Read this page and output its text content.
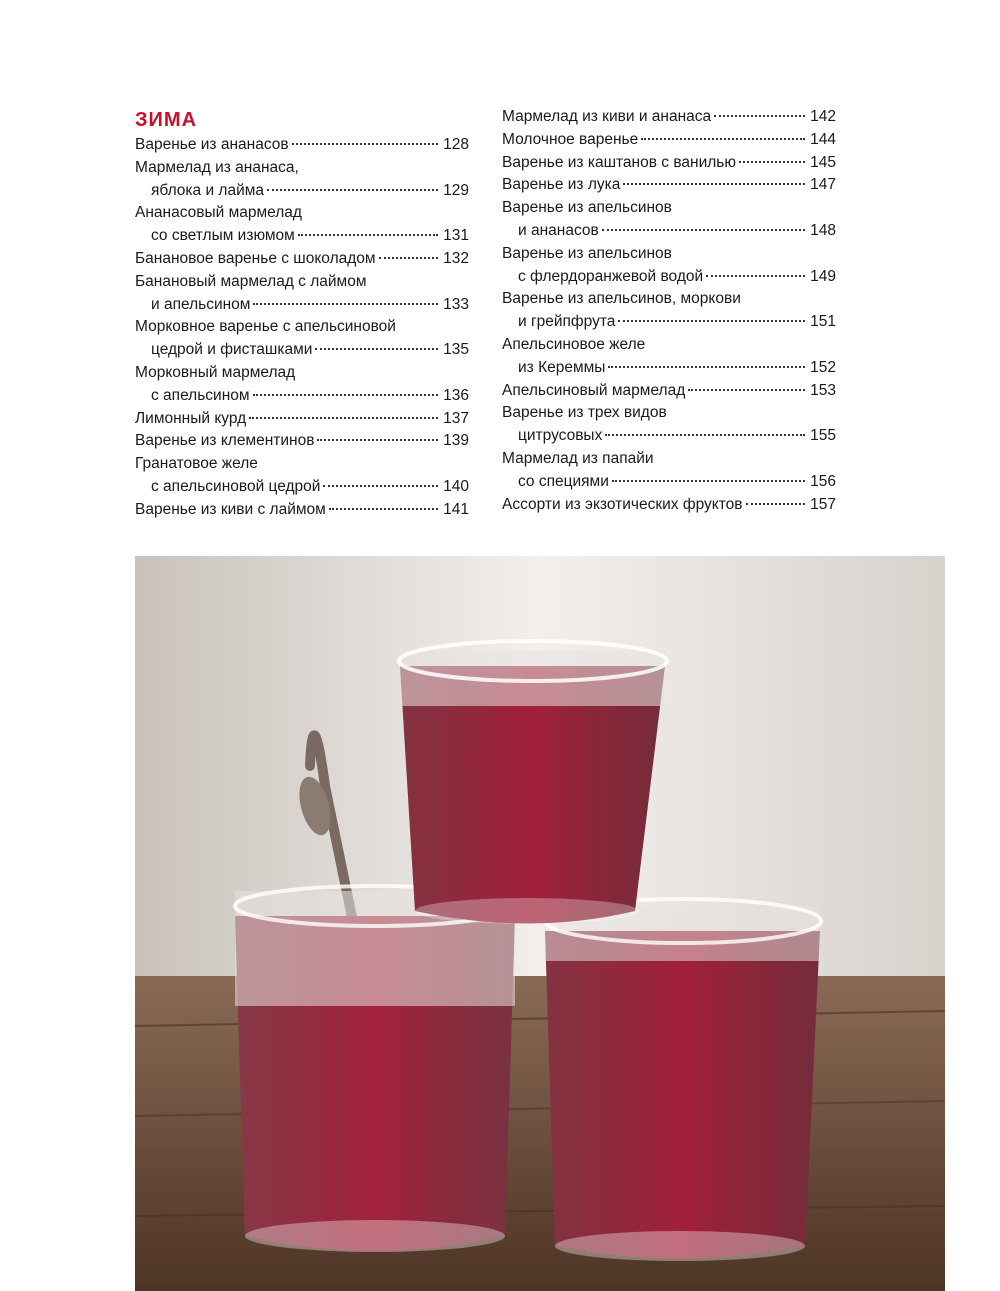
ЗИМА
Варенье из ананасов	128
Мармелад из ананаса,
яблока и лайма	129
Ананасовый мармелад
со светлым изюмом	131
Банановое варенье с шоколадом	132
Банановый мармелад с лаймом
и апельсином	133
Морковное варенье с апельсиновой
цедрой и фисташками	135
Морковный мармелад
с апельсином	136
Лимонный курд	137
Варенье из клементинов	139
Гранатовое желе
с апельсиновой цедрой	140
Варенье из киви с лаймом	141
Мармелад из киви и ананаса	142
Молочное варенье	144
Варенье из каштанов с ванилью	145
Варенье из лука	147
Варенье из апельсинов
и ананасов	148
Варенье из апельсинов
с флердоранжевой водой	149
Варенье из апельсинов, моркови
и грейпфрута	151
Апельсиновое желе
из Кереммы	152
Апельсиновый мармелад	153
Варенье из трех видов
цитрусовых	155
Мармелад из папайи
со специями	156
Ассорти из экзотических фруктов	157
